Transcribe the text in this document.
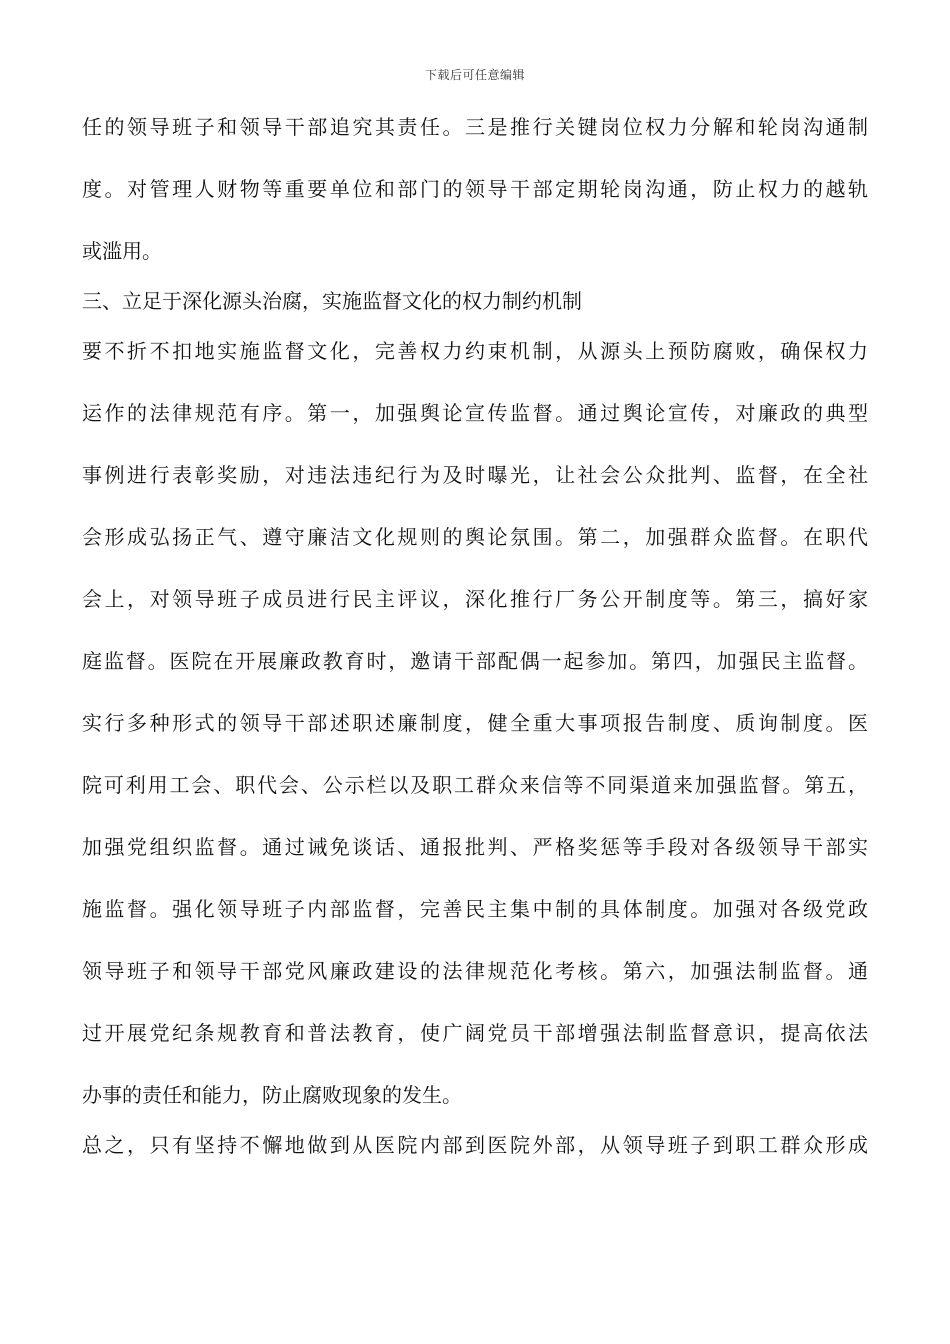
下载后可任意编辑
任的领导班子和领导干部追究其责任。三是推行关键岗位权力分解和轮岗沟通制
度。对管理人财物等重要单位和部门的领导干部定期轮岗沟通，防止权力的越轨
或滥用。
三、立足于深化源头治腐，实施监督文化的权力制约机制
要不折不扣地实施监督文化，完善权力约束机制，从源头上预防腐败，确保权力
运作的法律规范有序。第一，加强舆论宣传监督。通过舆论宣传，对廉政的典型
事例进行表彰奖励，对违法违纪行为及时曝光，让社会公众批判、监督，在全社
会形成弘扬正气、遵守廉洁文化规则的舆论氛围。第二，加强群众监督。在职代
会上，对领导班子成员进行民主评议，深化推行厂务公开制度等。第三，搞好家
庭监督。医院在开展廉政教育时，邀请干部配偶一起参加。第四，加强民主监督。
实行多种形式的领导干部述职述廉制度，健全重大事项报告制度、质询制度。医
院可利用工会、职代会、公示栏以及职工群众来信等不同渠道来加强监督。第五，
加强党组织监督。通过诫免谈话、通报批判、严格奖惩等手段对各级领导干部实
施监督。强化领导班子内部监督，完善民主集中制的具体制度。加强对各级党政
领导班子和领导干部党风廉政建设的法律规范化考核。第六，加强法制监督。通
过开展党纪条规教育和普法教育，使广阔党员干部增强法制监督意识，提高依法
办事的责任和能力，防止腐败现象的发生。
总之，只有坚持不懈地做到从医院内部到医院外部，从领导班子到职工群众形成
